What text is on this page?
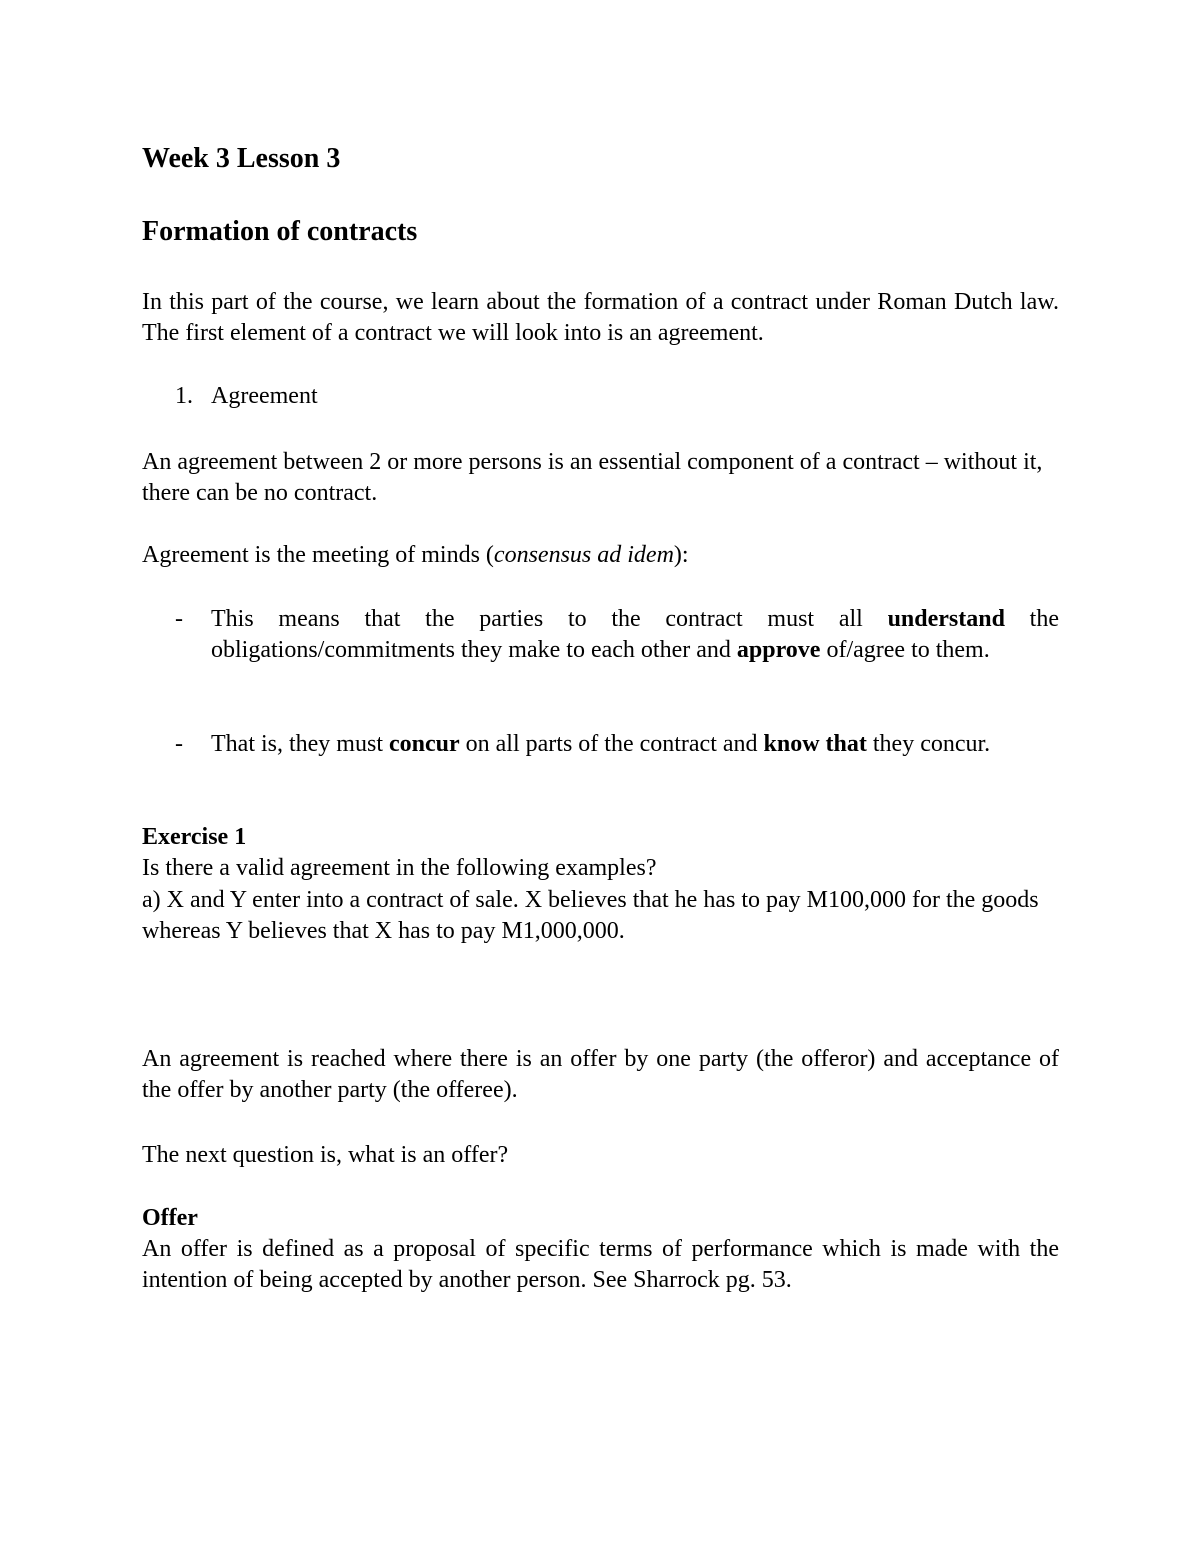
Week 3 Lesson 3
Formation of contracts

In this part of the course, we learn about the formation of a contract under Roman Dutch law. The first element of a contract we will look into is an agreement.

1. Agreement

An agreement between 2 or more persons is an essential component of a contract – without it, there can be no contract.

Agreement is the meeting of minds (consensus ad idem):

- This means that the parties to the contract must all understand the obligations/commitments they make to each other and approve of/agree to them.

- That is, they must concur on all parts of the contract and know that they concur.

Exercise 1
Is there a valid agreement in the following examples?

a) X and Y enter into a contract of sale. X believes that he has to pay M100,000 for the goods whereas Y believes that X has to pay M1,000,000.

An agreement is reached where there is an offer by one party (the offeror) and acceptance of the offer by another party (the offeree).

The next question is, what is an offer?
Offer

An offer is defined as a proposal of specific terms of performance which is made with the intention of being accepted by another person. See Sharrock pg. 53.
